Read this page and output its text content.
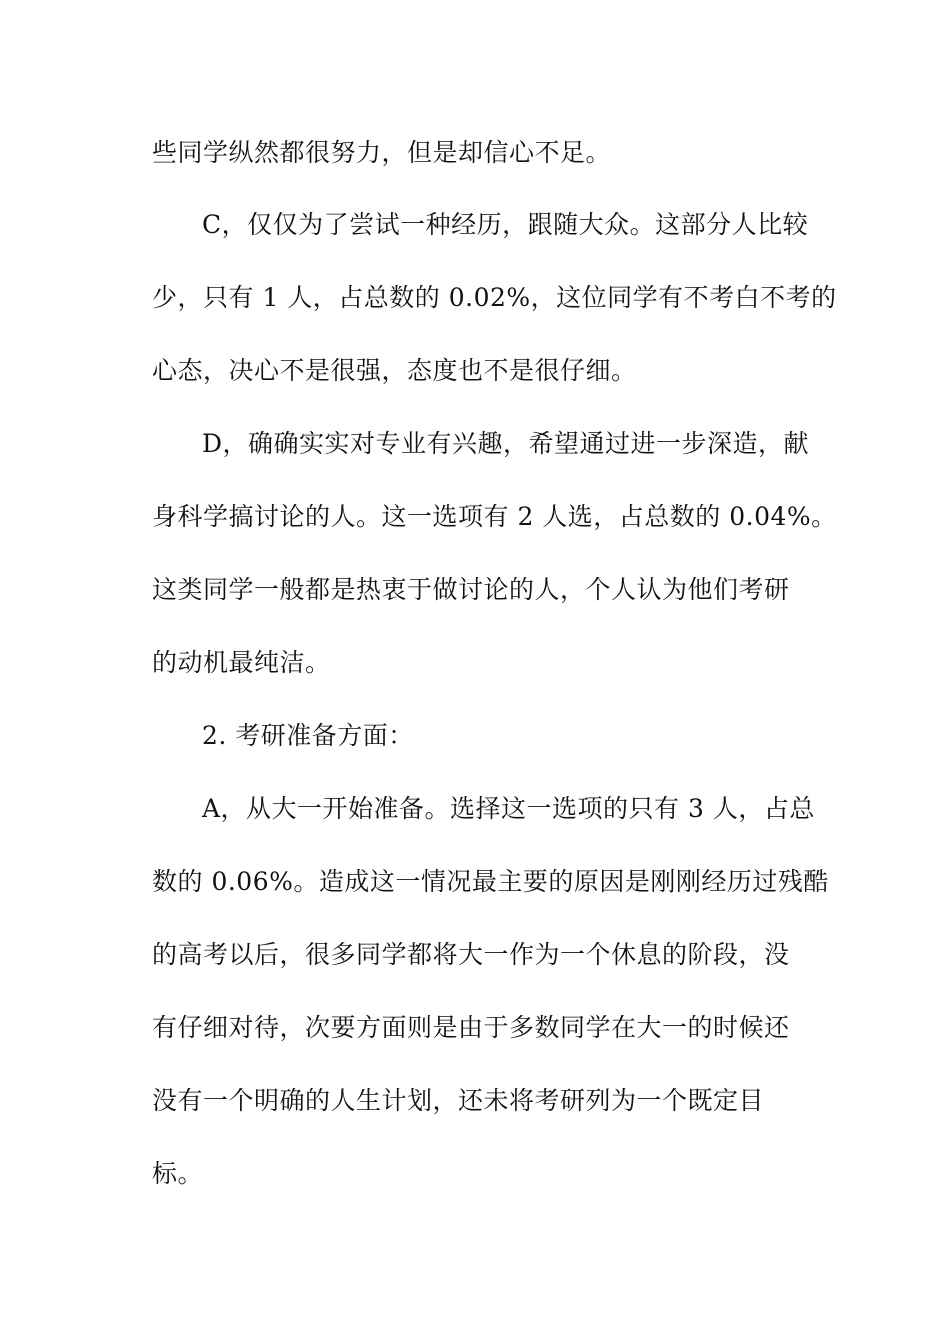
些同学纵然都很努力，但是却信心不足。
C，仅仅为了尝试一种经历，跟随大众。这部分人比较
少，只有 1 人，占总数的 0.02%，这位同学有不考白不考的
心态，决心不是很强，态度也不是很仔细。
D，确确实实对专业有兴趣，希望通过进一步深造，献
身科学搞讨论的人。这一选项有 2 人选，占总数的 0.04%。
这类同学一般都是热衷于做讨论的人，个人认为他们考研
的动机最纯洁。
2. 考研准备方面：
A，从大一开始准备。选择这一选项的只有 3 人，占总
数的 0.06%。造成这一情况最主要的原因是刚刚经历过残酷
的高考以后，很多同学都将大一作为一个休息的阶段，没
有仔细对待，次要方面则是由于多数同学在大一的时候还
没有一个明确的人生计划，还未将考研列为一个既定目
标。
